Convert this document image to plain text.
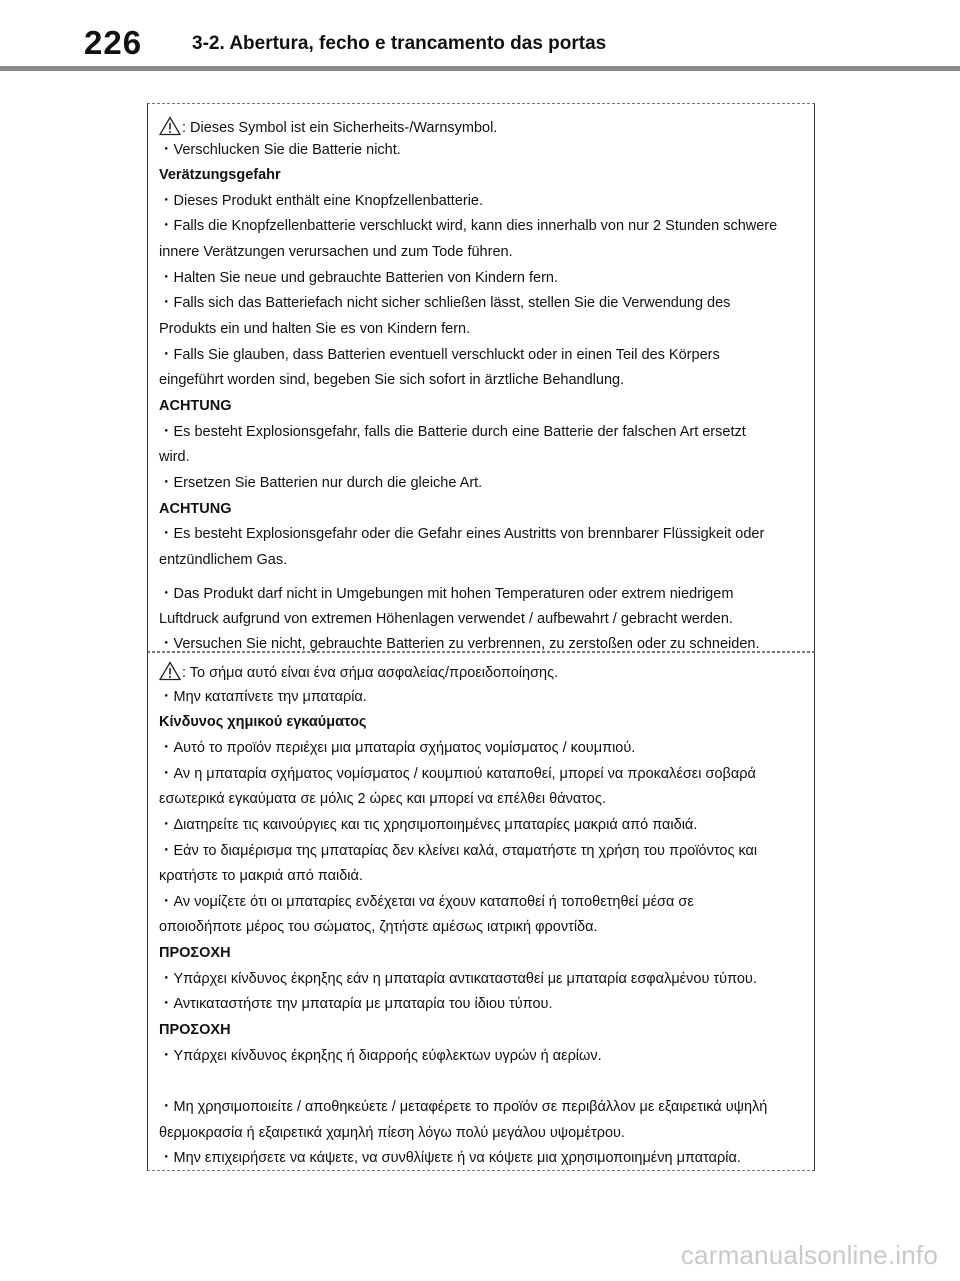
226	3-2. Abertura, fecho e trancamento das portas
: Dieses Symbol ist ein Sicherheits-/Warnsymbol.
・Verschlucken Sie die Batterie nicht.
Verätzungsgefahr
・Dieses Produkt enthält eine Knopfzellenbatterie.
・Falls die Knopfzellenbatterie verschluckt wird, kann dies innerhalb von nur 2 Stunden schwere
innere Verätzungen verursachen und zum Tode führen.
・Halten Sie neue und gebrauchte Batterien von Kindern fern.
・Falls sich das Batteriefach nicht sicher schließen lässt, stellen Sie die Verwendung des
Produkts ein und halten Sie es von Kindern fern.
・Falls Sie glauben, dass Batterien eventuell verschluckt oder in einen Teil des Körpers
eingeführt worden sind, begeben Sie sich sofort in ärztliche Behandlung.
ACHTUNG
・Es besteht Explosionsgefahr, falls die Batterie durch eine Batterie der falschen Art ersetzt
wird.
・Ersetzen Sie Batterien nur durch die gleiche Art.
ACHTUNG
・Es besteht Explosionsgefahr oder die Gefahr eines Austritts von brennbarer Flüssigkeit oder
entzündlichem Gas.
・Das Produkt darf nicht in Umgebungen mit hohen Temperaturen oder extrem niedrigem
Luftdruck aufgrund von extremen Höhenlagen verwendet / aufbewahrt / gebracht werden.
・Versuchen Sie nicht, gebrauchte Batterien zu verbrennen, zu zerstoßen oder zu schneiden.
: Το σήμα αυτό είναι ένα σήμα ασφαλείας/προειδοποίησης.
・Μην καταπίνετε την μπαταρία.
Κίνδυνος χημικού εγκαύματος
・Αυτό το προϊόν περιέχει μια μπαταρία σχήματος νομίσματος / κουμπιού.
・Αν η μπαταρία σχήματος νομίσματος / κουμπιού καταποθεί, μπορεί να προκαλέσει σοβαρά
εσωτερικά εγκαύματα σε μόλις 2 ώρες και μπορεί να επέλθει θάνατος.
・Διατηρείτε τις καινούργιες και τις χρησιμοποιημένες μπαταρίες μακριά από παιδιά.
・Εάν το διαμέρισμα της μπαταρίας δεν κλείνει καλά, σταματήστε τη χρήση του προϊόντος και
κρατήστε το μακριά από παιδιά.
・Αν νομίζετε ότι οι μπαταρίες ενδέχεται να έχουν καταποθεί ή τοποθετηθεί μέσα σε
οποιοδήποτε μέρος του σώματος, ζητήστε αμέσως ιατρική φροντίδα.
ΠΡΟΣΟΧΗ
・Υπάρχει κίνδυνος έκρηξης εάν η μπαταρία αντικατασταθεί με μπαταρία εσφαλμένου τύπου.
・Αντικαταστήστε την μπαταρία με μπαταρία του ίδιου τύπου.
ΠΡΟΣΟΧΗ
・Υπάρχει κίνδυνος έκρηξης ή διαρροής εύφλεκτων υγρών ή αερίων.
・Μη χρησιμοποιείτε / αποθηκεύετε / μεταφέρετε το προϊόν σε περιβάλλον με εξαιρετικά υψηλή
θερμοκρασία ή εξαιρετικά χαμηλή πίεση λόγω πολύ μεγάλου υψομέτρου.
・Μην επιχειρήσετε να κάψετε, να συνθλίψετε ή να κόψετε μια χρησιμοποιημένη μπαταρία.
carmanualsonline.info
